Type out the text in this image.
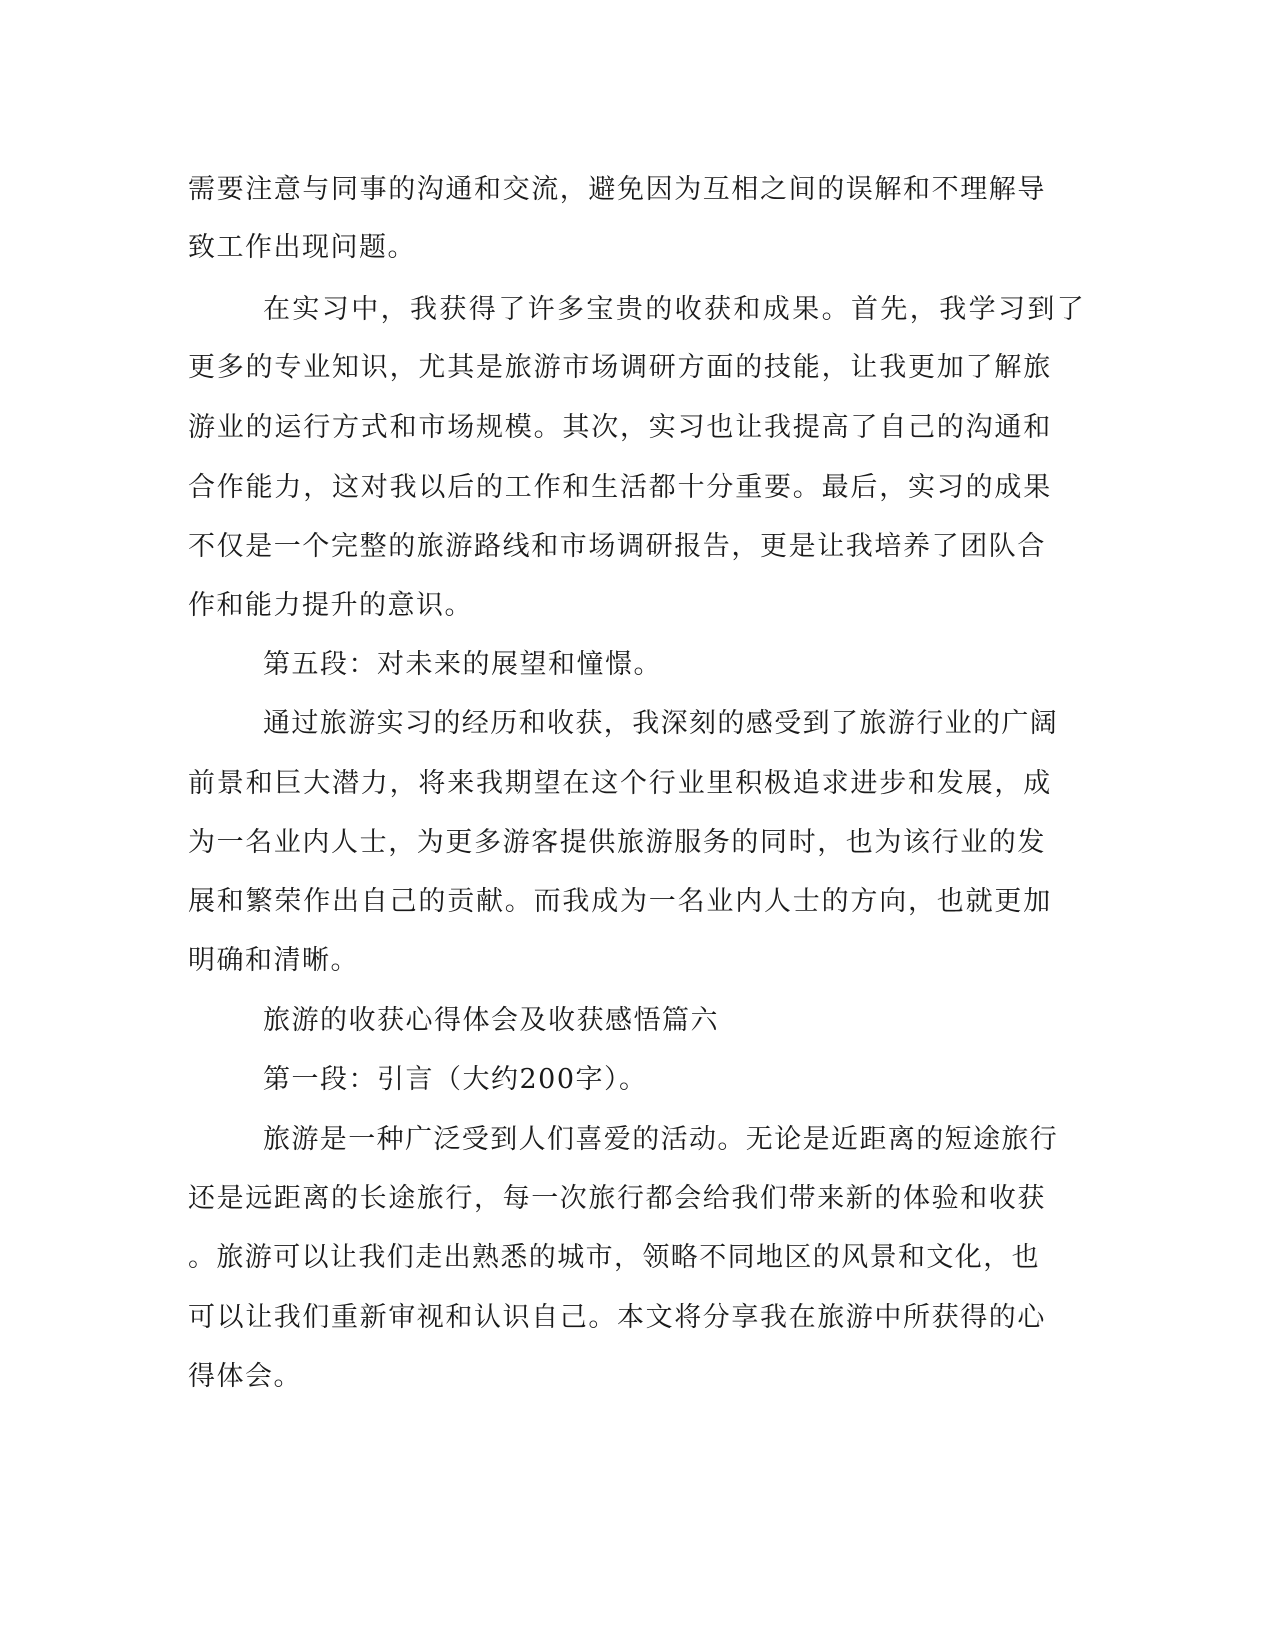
需要注意与同事的沟通和交流，避免因为互相之间的误解和不理解导
致工作出现问题。
在实习中，我获得了许多宝贵的收获和成果。首先，我学习到了
更多的专业知识，尤其是旅游市场调研方面的技能，让我更加了解旅
游业的运行方式和市场规模。其次，实习也让我提高了自己的沟通和
合作能力，这对我以后的工作和生活都十分重要。最后，实习的成果
不仅是一个完整的旅游路线和市场调研报告，更是让我培养了团队合
作和能力提升的意识。
第五段：对未来的展望和憧憬。
通过旅游实习的经历和收获，我深刻的感受到了旅游行业的广阔
前景和巨大潜力，将来我期望在这个行业里积极追求进步和发展，成
为一名业内人士，为更多游客提供旅游服务的同时，也为该行业的发
展和繁荣作出自己的贡献。而我成为一名业内人士的方向，也就更加
明确和清晰。
旅游的收获心得体会及收获感悟篇六
第一段：引言（大约200字）。
旅游是一种广泛受到人们喜爱的活动。无论是近距离的短途旅行
还是远距离的长途旅行，每一次旅行都会给我们带来新的体验和收获
。旅游可以让我们走出熟悉的城市，领略不同地区的风景和文化，也
可以让我们重新审视和认识自己。本文将分享我在旅游中所获得的心
得体会。
